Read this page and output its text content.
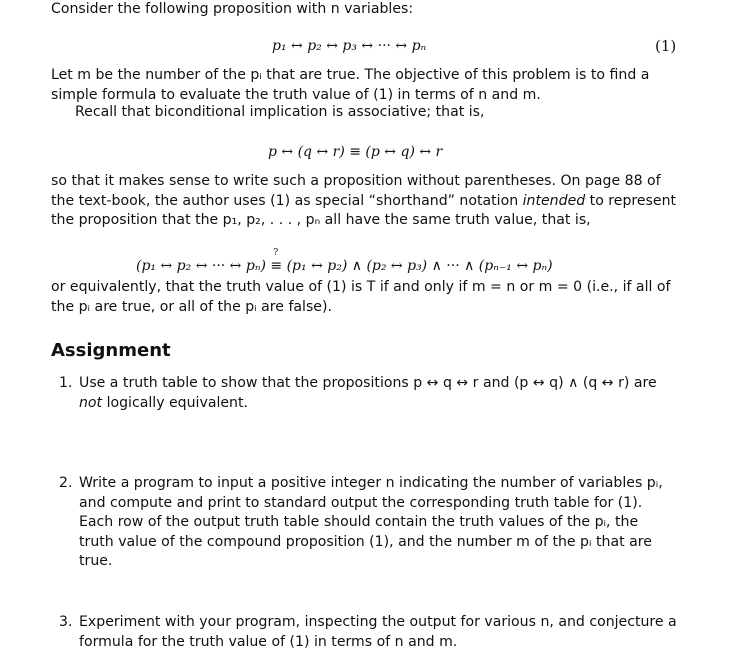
Consider the following proposition with n variables:
p₁ ↔ p₂ ↔ p₃ ↔ ··· ↔ pₙ	(1)
Let m be the number of the pᵢ that are true. The objective of this problem is to find a simple formula to evaluate the truth value of (1) in terms of n and m.
Recall that biconditional implication is associative; that is,
p ↔ (q ↔ r) ≡ (p ↔ q) ↔ r
so that it makes sense to write such a proposition without parentheses. On page 88 of the text-book, the author uses (1) as special “shorthand” notation intended to represent the proposition that the p₁, p₂, . . . , pₙ all have the same truth value, that is,
(p₁ ↔ p₂ ↔ ··· ↔ pₙ) ≡
?
(p₁ ↔ p₂) ∧ (p₂ ↔ p₃) ∧ ··· ∧ (pₙ₋₁ ↔ pₙ)
or equivalently, that the truth value of (1) is T if and only if m = n or m = 0 (i.e., if all of the pᵢ are true, or all of the pᵢ are false).
Assignment
1. Use a truth table to show that the propositions p ↔ q ↔ r and (p ↔ q) ∧ (q ↔ r) are not logically equivalent.
2. Write a program to input a positive integer n indicating the number of variables pᵢ, and compute and print to standard output the corresponding truth table for (1). Each row of the output truth table should contain the truth values of the pᵢ, the truth value of the compound proposition (1), and the number m of the pᵢ that are true.
3. Experiment with your program, inspecting the output for various n, and conjecture a formula for the truth value of (1) in terms of n and m.
